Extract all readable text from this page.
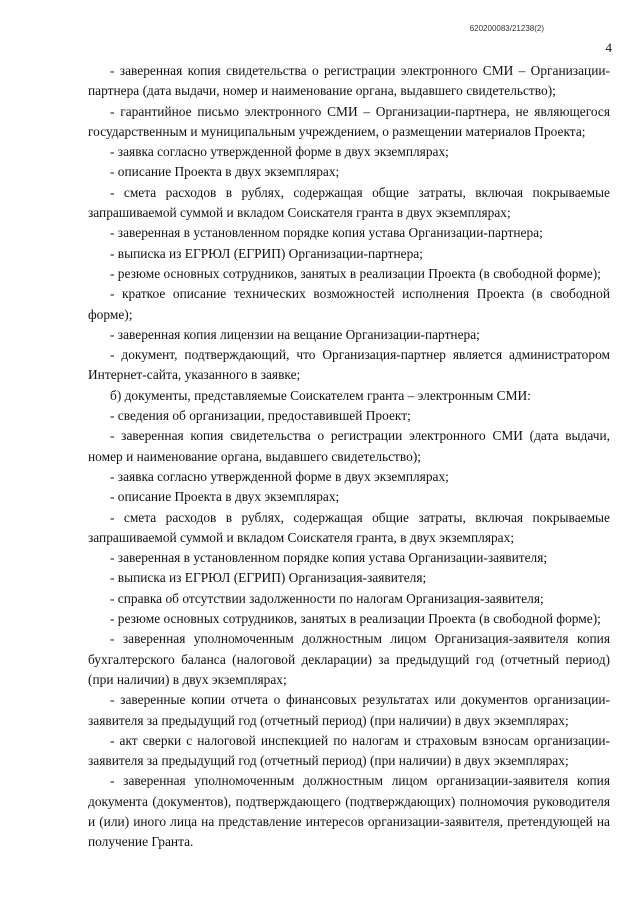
620200083/21238(2)
4

- заверенная копия свидетельства о регистрации электронного СМИ – Организации-партнера (дата выдачи, номер и наименование органа, выдавшего свидетельство);

- гарантийное письмо электронного СМИ – Организации-партнера, не являющегося государственным и муниципальным учреждением, о размещении материалов Проекта;

- заявка согласно утвержденной форме в двух экземплярах;

- описание Проекта в двух экземплярах;

- смета расходов в рублях, содержащая общие затраты, включая покрываемые запрашиваемой суммой и вкладом Соискателя гранта в двух экземплярах;

- заверенная в установленном порядке копия устава Организации-партнера;

- выписка из ЕГРЮЛ (ЕГРИП) Организации-партнера;

- резюме основных сотрудников, занятых в реализации Проекта (в свободной форме);

- краткое описание технических возможностей исполнения Проекта (в свободной форме);

- заверенная копия лицензии на вещание Организации-партнера;

- документ, подтверждающий, что Организация-партнер является администратором Интернет-сайта, указанного в заявке;

б) документы, представляемые Соискателем гранта – электронным СМИ:

- сведения об организации, предоставившей Проект;

- заверенная копия свидетельства о регистрации электронного СМИ (дата выдачи, номер и наименование органа, выдавшего свидетельство);

- заявка согласно утвержденной форме в двух экземплярах;

- описание Проекта в двух экземплярах;

- смета расходов в рублях, содержащая общие затраты, включая покрываемые запрашиваемой суммой и вкладом Соискателя гранта, в двух экземплярах;

- заверенная в установленном порядке копия устава Организации-заявителя;

- выписка из ЕГРЮЛ (ЕГРИП) Организация-заявителя;

- справка об отсутствии задолженности по налогам Организация-заявителя;

- резюме основных сотрудников, занятых в реализации Проекта (в свободной форме);

- заверенная уполномоченным должностным лицом Организация-заявителя копия бухгалтерского баланса (налоговой декларации) за предыдущий год (отчетный период) (при наличии) в двух экземплярах;

- заверенные копии отчета о финансовых результатах или документов организации-заявителя за предыдущий год (отчетный период) (при наличии) в двух экземплярах;

- акт сверки с налоговой инспекцией по налогам и страховым взносам организации-заявителя за предыдущий год (отчетный период) (при наличии) в двух экземплярах;

- заверенная уполномоченным должностным лицом организации-заявителя копия документа (документов), подтверждающего (подтверждающих) полномочия руководителя и (или) иного лица на представление интересов организации-заявителя, претендующей на получение Гранта.
